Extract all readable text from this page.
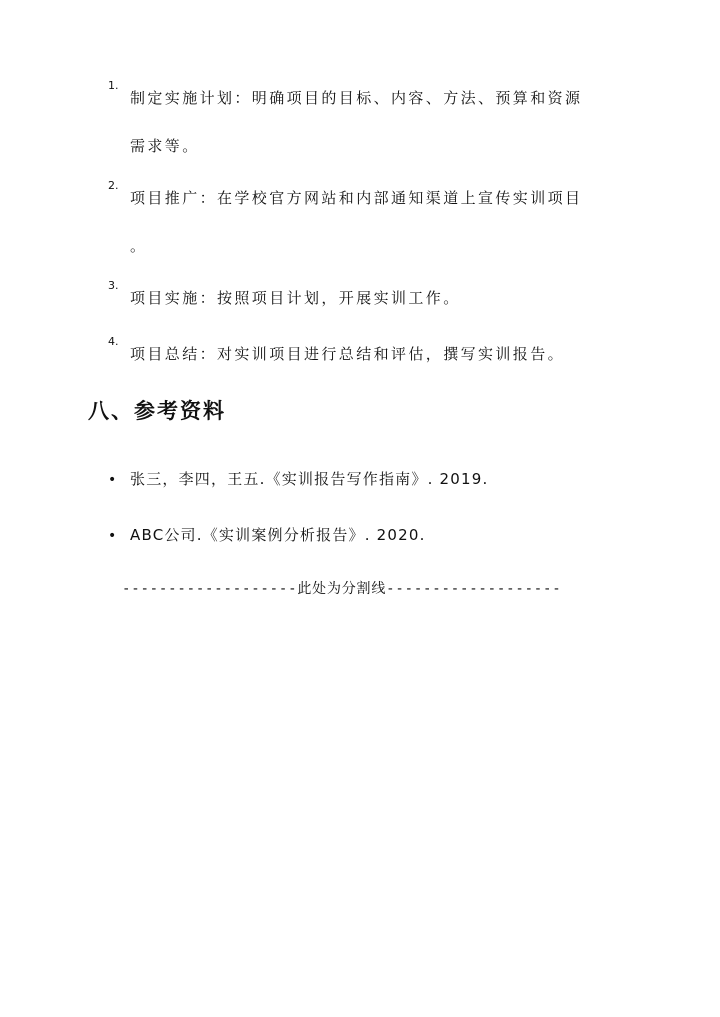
1.
制定实施计划：明确项目的目标、内容、方法、预算和资源
需求等。
2.
项目推广：在学校官方网站和内部通知渠道上宣传实训项目
。
3.
项目实施：按照项目计划，开展实训工作。
4.
项目总结：对实训项目进行总结和评估，撰写实训报告。
八、参考资料
• 张三，李四，王五.《实训报告写作指南》. 2019.
• ABC公司.《实训案例分析报告》. 2020.
-------------------此处为分割线-------------------
